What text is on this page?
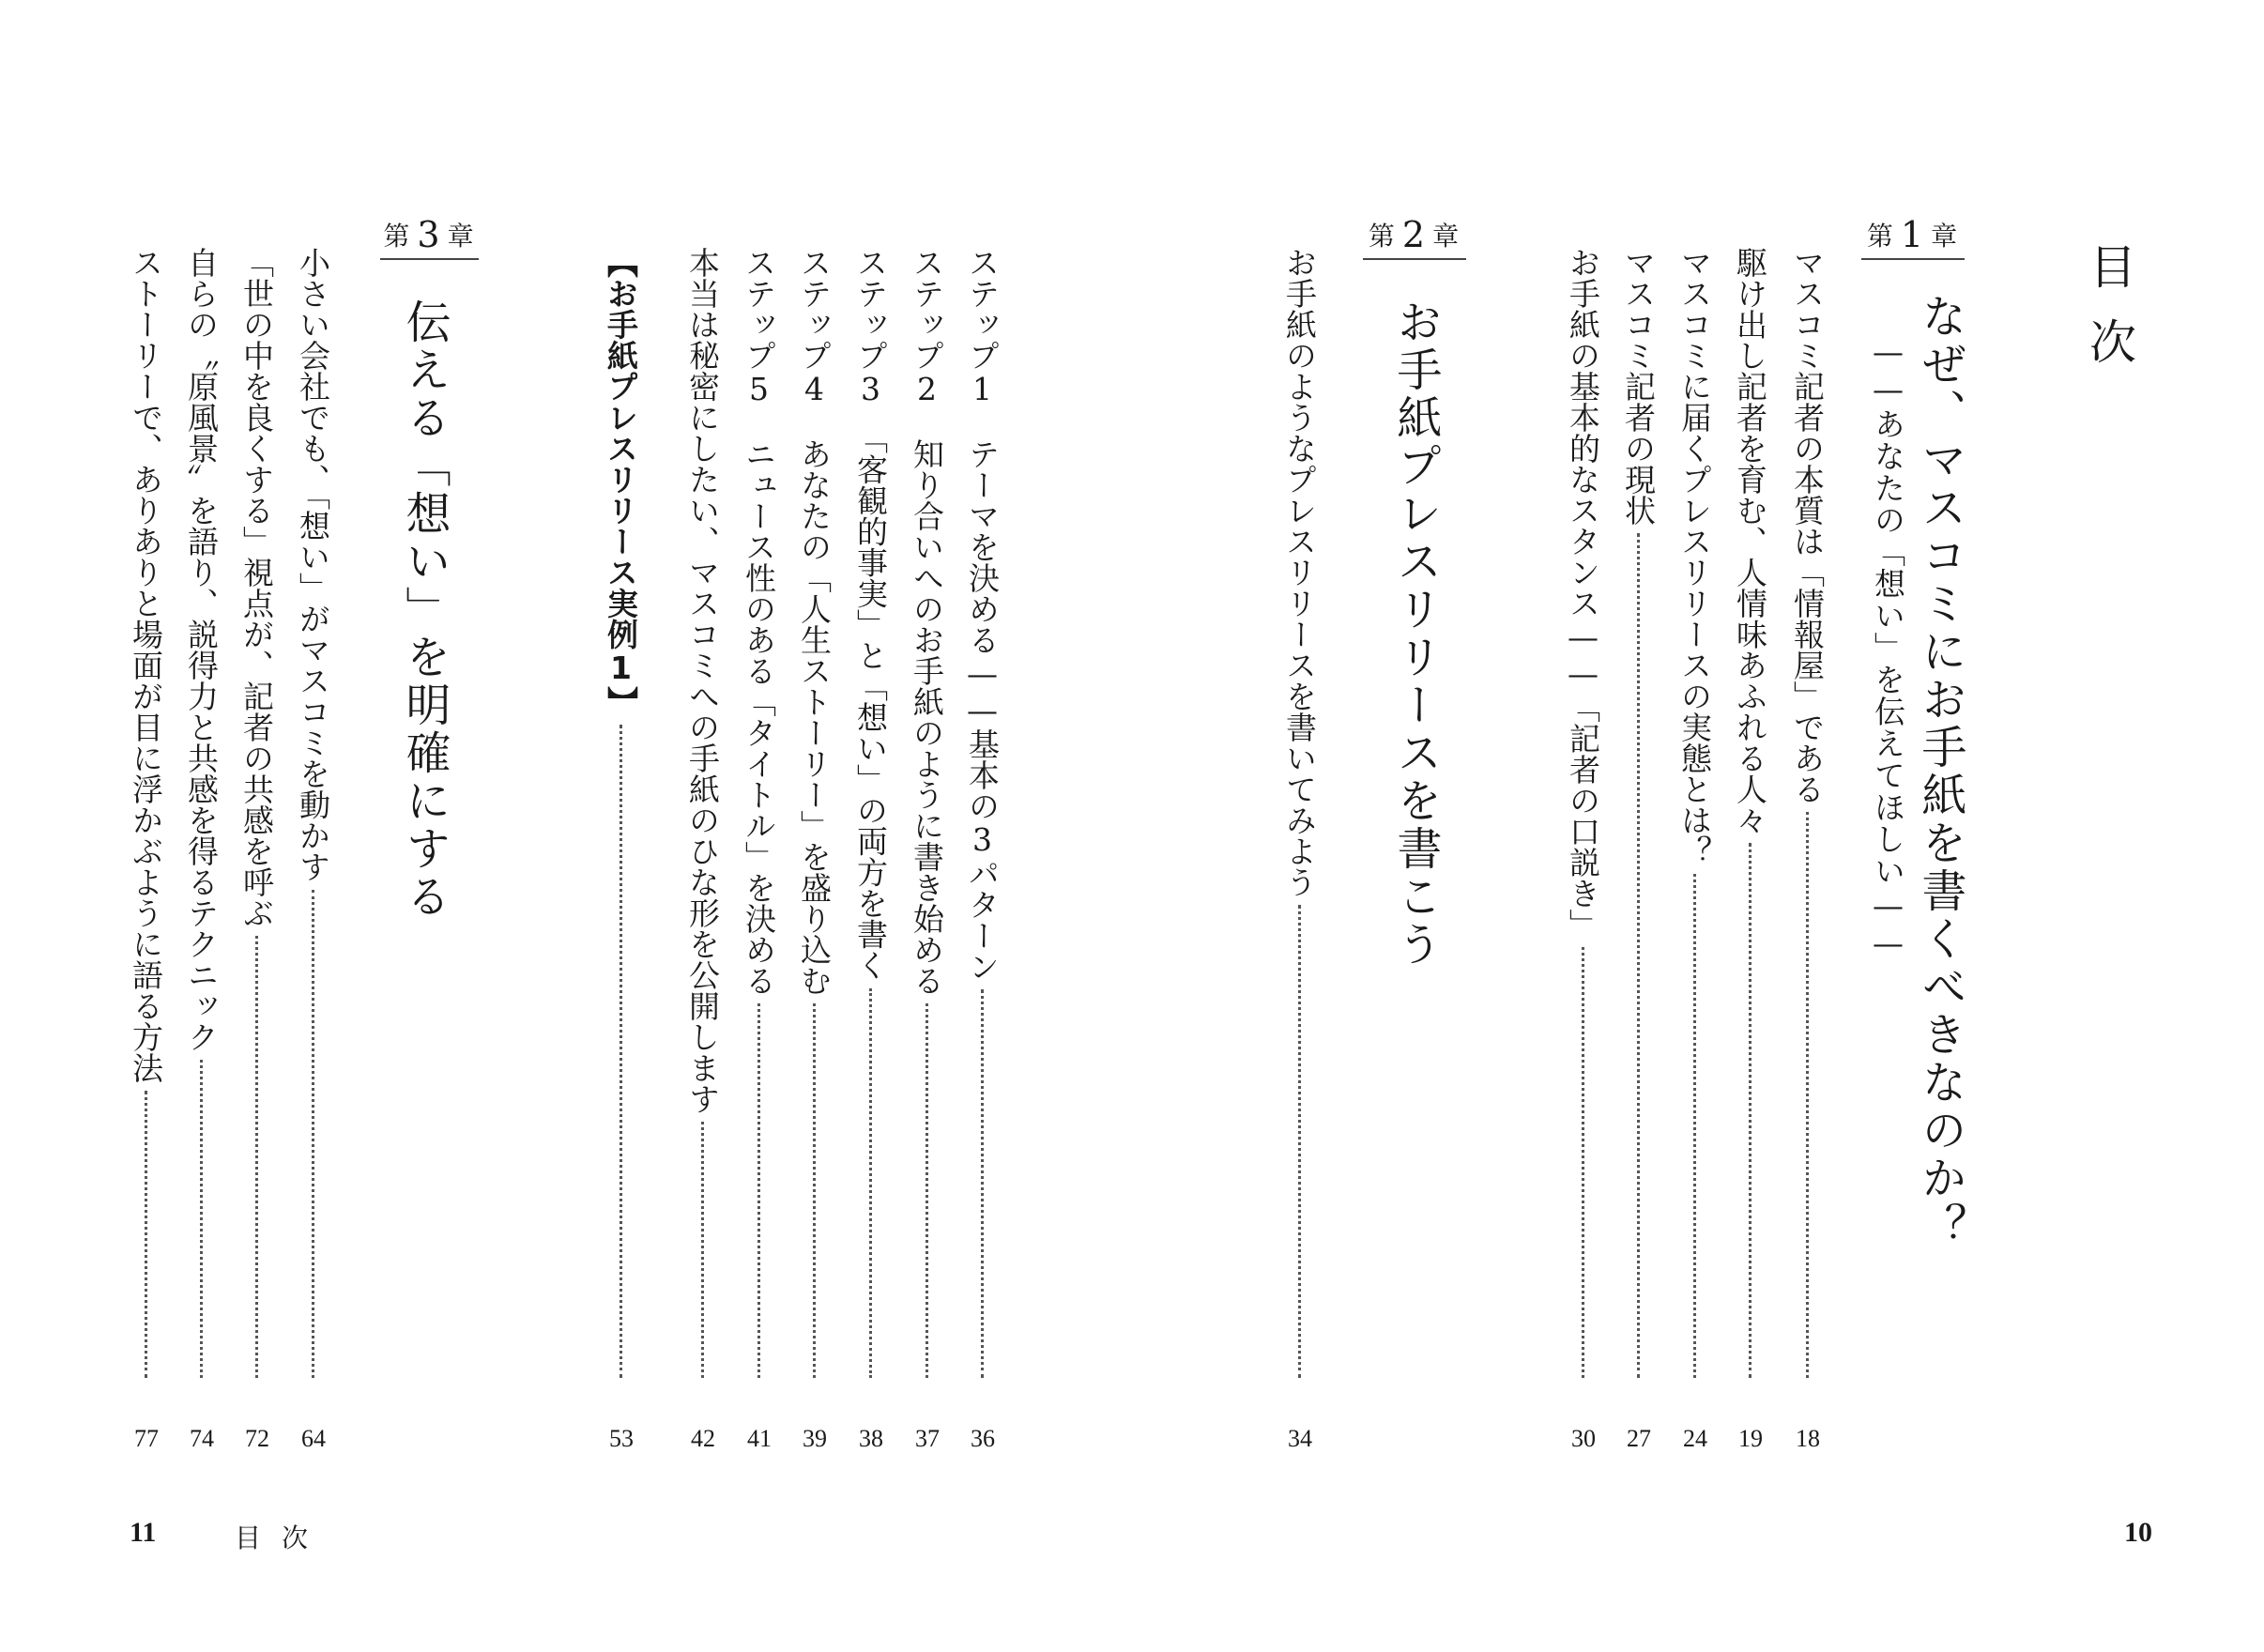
目次
第 1 章
なぜ、マスコミにお手紙を書くべきなのか？
——あなたの「想い」を伝えてほしい——
マスコミ記者の本質は「情報屋」である
18
駆け出し記者を育む、人情味あふれる人々
19
マスコミに届くプレスリリースの実態とは？
24
マスコミ記者の現状
27
お手紙の基本的なスタンス——「記者の口説き」
30
第 2 章
お手紙プレスリリースを書こう
お手紙のようなプレスリリースを書いてみよう
34
ステップ1　テーマを決める——基本の3パターン
36
ステップ2　知り合いへのお手紙のように書き始める
37
ステップ3　「客観的事実」と「想い」の両方を書く
38
ステップ4　あなたの「人生ストーリー」を盛り込む
39
ステップ5　ニュース性のある「タイトル」を決める
41
本当は秘密にしたい、マスコミへの手紙のひな形を公開します
42
【お手紙プレスリリース実例1】
53
第 3 章
伝える「想い」を明確にする
小さい会社でも、「想い」がマスコミを動かす
64
「世の中を良くする」視点が、記者の共感を呼ぶ
72
自らの〝原風景〟を語り、説得力と共感を得るテクニック
74
ストーリーで、ありありと場面が目に浮かぶように語る方法
77
10
11	目次
